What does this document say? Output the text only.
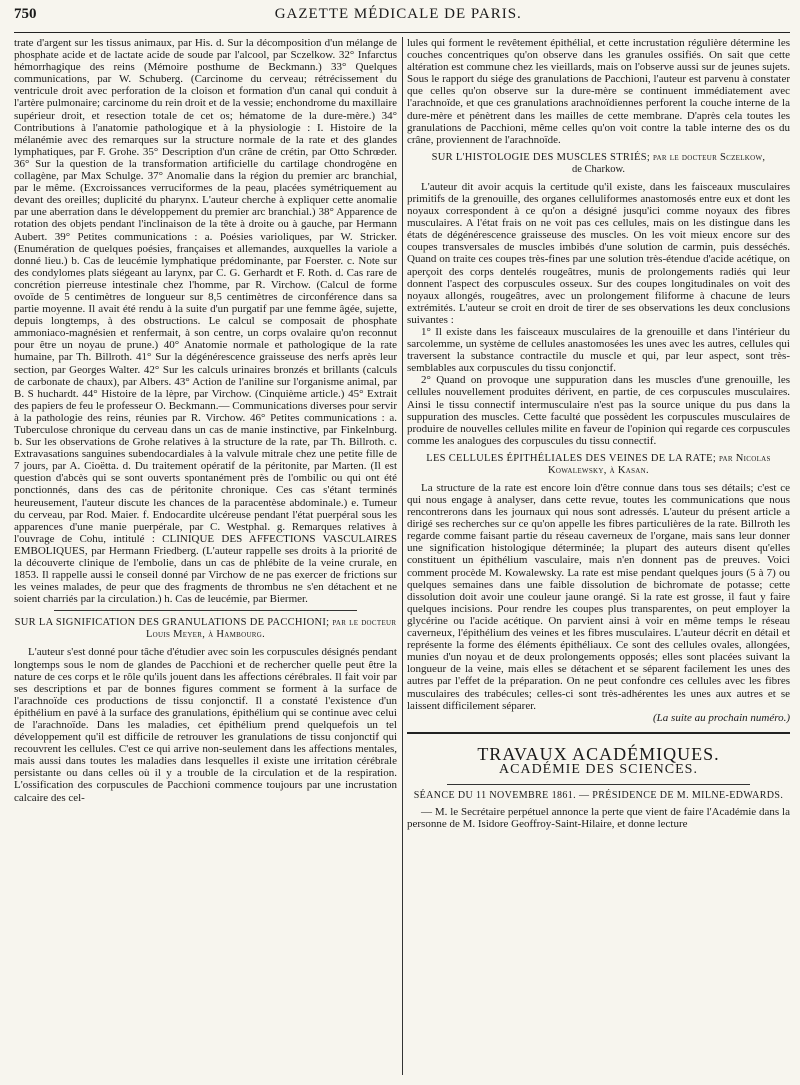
750	GAZETTE MÉDICALE DE PARIS.

trate d'argent sur les tissus animaux, par His. d. Sur la décomposition d'un mélange de phosphate acide et de lactate acide de soude par l'alcool, par Sczelkow. 32° Infarctus hémorrhagique des reins (Mémoire posthume de Beckmann.) 33° Quelques communications, par W. Schuberg. (Carcinome du cerveau; rétrécissement du ventricule droit avec perforation de la cloison et formation d'un canal qui conduit à l'artère pulmonaire; carcinome du rein droit et de la vessie; enchondrome du maxillaire supérieur droit, et resection totale de cet os; hématome de la dure-mère.) 34° Contributions à l'anatomie pathologique et à la physiologie : I. Histoire de la mélanémie avec des remarques sur la structure normale de la rate et des glandes lymphatiques, par F. Grohe. 35° Description d'un crâne de crétin, par Otto Schrœder. 36° Sur la question de la transformation artificielle du cartilage chondrogène en collagène, par Max Schulge. 37° Anomalie dans la région du premier arc branchial, par le même. (Excroissances verruciformes de la peau, placées symétriquement au devant des oreilles; duplicité du pharynx. L'auteur cherche à expliquer cette anomalie par une aberration dans le développement du premier arc branchial.) 38° Apparence de rotation des objets pendant l'inclinaison de la tête à droite ou à gauche, par Hermann Aubert. 39° Petites communications : a. Poésies varioliques, par W. Stricker. (Enumération de quelques poésies, françaises et allemandes, auxquelles la variole a donné lieu.) b. Cas de leucémie lymphatique prédominante, par Foerster. c. Note sur des condylomes plats siégeant au larynx, par C. G. Gerhardt et F. Roth. d. Cas rare de concrétion pierreuse intestinale chez l'homme, par R. Virchow. (Calcul de forme ovoïde de 5 centimètres de longueur sur 8,5 centimètres de circonférence dans sa partie moyenne. Il avait été rendu à la suite d'un purgatif par une femme âgée, sujette, depuis longtemps, à des obstructions. Le calcul se composait de phosphate ammoniaco-magnésien et renfermait, à son centre, un corps ovalaire qu'on reconnut pour être un noyau de prune.) 40° Anatomie normale et pathologique de la rate humaine, par Th. Billroth. 41° Sur la dégénérescence graisseuse des nerfs après leur section, par Georges Walter. 42° Sur les calculs urinaires bronzés et brillants (calculs de carbonate de chaux), par Albers. 43° Action de l'aniline sur l'organisme animal, par B. S huchardt. 44° Histoire de la lèpre, par Virchow. (Cinquième article.) 45° Extrait des papiers de feu le professeur O. Beckmann.— Communications diverses pour servir à la pathologie des reins, réunies par R. Virchow. 46° Petites communications : a. Tuberculose chronique du cerveau dans un cas de manie instinctive, par Finkelnburg. b. Sur les observations de Grohe relatives à la structure de la rate, par Th. Billroth. c. Extravasations sanguines subendocardiales à la valvule mitrale chez une petite fille de 7 jours, par A. Cioëtta. d. Du traitement opératif de la péritonite, par Marten. (Il est question d'abcès qui se sont ouverts spontanément près de l'ombilic ou qui ont été ponctionnés, dans des cas de péritonite chronique. Ces cas s'étant terminés heureusement, l'auteur discute les chances de la paracentèse abdominale.) e. Tumeur du cerveau, par Rod. Maier. f. Endocardite ulcéreuse pendant l'état puerpéral sous les apparences d'une manie puerpérale, par C. Westphal. g. Remarques relatives à l'ouvrage de Cohu, intitulé : CLINIQUE DES AFFECTIONS VASCULAIRES EMBOLIQUES, par Hermann Friedberg. (L'auteur rappelle ses droits à la priorité de la découverte clinique de l'embolie, dans un cas de phlébite de la veine crurale, en 1853. Il rappelle aussi le conseil donné par Virchow de ne pas exercer de frictions sur les veines malades, de peur que des fragments de thrombus ne s'en détachent et ne soient charriés par la circulation.) h. Cas de leucémie, par Biermer.

SUR LA SIGNIFICATION DES GRANULATIONS DE PACCHIONI; par le docteur
Louis Meyer, à Hambourg.

L'auteur s'est donné pour tâche d'étudier avec soin les corpuscules désignés pendant longtemps sous le nom de glandes de Pacchioni et de rechercher quelle peut être la nature de ces corps et le rôle qu'ils jouent dans les affections cérébrales. Il fait voir par ses descriptions et par de bonnes figures comment se forment à la surface de l'arachnoïde ces productions de tissu conjonctif. Il a constaté l'existence d'un épithélium en pavé à la surface des granulations, épithélium qui se continue avec celui de l'arachnoïde. Dans les maladies, cet épithélium prend quelquefois un tel développement qu'il est difficile de retrouver les granulations de tissu conjonctif qui recouvrent les cellules. C'est ce qui arrive non-seulement dans les affections mentales, mais aussi dans toutes les maladies dans lesquelles il existe une irritation cérébrale persistante ou dans celles où il y a trouble de la circulation et de la respiration. L'ossification des corpuscules de Pacchioni commence toujours par une incrustation calcaire des cel-

lules qui forment le revêtement épithélial, et cette incrustation régulière détermine les couches concentriques qu'on observe dans les granules ossifiés. On sait que cette altération est commune chez les vieillards, mais on l'observe aussi sur de jeunes sujets. Sous le rapport du siége des granulations de Pacchioni, l'auteur est parvenu à constater que celles qu'on observe sur la dure-mère se continuent immédiatement avec l'arachnoïde, et que ces granulations arachnoïdiennes perforent la couche interne de la dure-mère et pénètrent dans les mailles de cette membrane. D'après cela toutes les granulations de Pacchioni, même celles qu'on voit contre la table interne des os du crâne, proviennent de l'arachnoïde.

SUR L'HISTOLOGIE DES MUSCLES STRIÉS; par le docteur Sczelkow,
de Charkow.

L'auteur dit avoir acquis la certitude qu'il existe, dans les faisceaux musculaires primitifs de la grenouille, des organes celluliformes anastomosés entre eux et dont les noyaux correspondent à ce qu'on a désigné jusqu'ici comme noyaux des fibres musculaires. A l'état frais on ne voit pas ces cellules, mais on les distingue dans les états de dégénérescence graisseuse des muscles. On les voit mieux encore sur des coupes transversales de muscles imbibés d'une solution de carmin, puis desséchés. Quand on traite ces coupes très-fines par une solution très-étendue d'acide acétique, on aperçoit des corps dentelés rougeâtres, munis de prolongements radiés qui leur donnent l'aspect des corpuscules osseux. Sur des coupes longitudinales on voit des noyaux allongés, rougeâtres, avec un prolongement filiforme à chacune de leurs extrémités. L'auteur se croit en droit de tirer de ses observations les deux conclusions suivantes :

1° Il existe dans les faisceaux musculaires de la grenouille et dans l'intérieur du sarcolemme, un système de cellules anastomosées les unes avec les autres, cellules qui traversent la substance contractile du muscle et qui, par leur aspect, sont très-semblables aux corpuscules du tissu conjonctif.

2° Quand on provoque une suppuration dans les muscles d'une grenouille, les cellules nouvellement produites dérivent, en partie, de ces corpuscules musculaires. Ainsi le tissu connectif intermusculaire n'est pas la source unique du pus dans la suppuration des muscles. Cette faculté que possèdent les corpuscules musculaires de produire de nouvelles cellules milite en faveur de l'opinion qui regarde ces corpuscules comme les analogues des corpuscules du tissu connectif.

LES CELLULES ÉPITHÉLIALES DES VEINES DE LA RATE; par Nicolas
Kowalewsky, à Kasan.

La structure de la rate est encore loin d'être connue dans tous ses détails; c'est ce qui nous engage à analyser, dans cette revue, toutes les communications que nous rencontrerons dans les journaux qui nous sont adressés. L'auteur du présent article a dirigé ses recherches sur ce qu'on appelle les fibres particulières de la rate. Billroth les regarde comme faisant partie du réseau caverneux de l'organe, mais sans leur donner une signification histologique déterminée; la plupart des auteurs disent qu'elles constituent un épithélium vasculaire, mais n'en donnent pas de preuves. Voici comment procède M. Kowalewsky. La rate est mise pendant quelques jours (5 à 7) ou quelques semaines dans une faible dissolution de bichromate de potasse; cette dissolution doit avoir une couleur jaune orangé. Si la rate est grosse, il faut y faire quelques incisions. Pour rendre les coupes plus transparentes, on peut employer la glycérine ou l'acide acétique. On parvient ainsi à voir en même temps le réseau caverneux, l'épithélium des veines et les fibres musculaires. L'auteur décrit en détail et représente la forme des éléments épithéliaux. Ce sont des cellules ovales, allongées, munies d'un noyau et de deux prolongements opposés; elles sont placées suivant la longueur de la veine, mais elles se détachent et se séparent facilement les unes des autres par l'effet de la préparation. On ne peut confondre ces cellules avec les fibres musculaires des trabécules; celles-ci sont très-adhérentes les unes aux autres et se laissent difficilement séparer.

(La suite au prochain numéro.)

TRAVAUX ACADÉMIQUES.
ACADÉMIE DES SCIENCES.
SÉANCE DU 11 NOVEMBRE 1861. — PRÉSIDENCE DE M. MILNE-EDWARDS.

— M. le Secrétaire perpétuel annonce la perte que vient de faire l'Académie dans la personne de M. Isidore Geoffroy-Saint-Hilaire, et donne lecture
